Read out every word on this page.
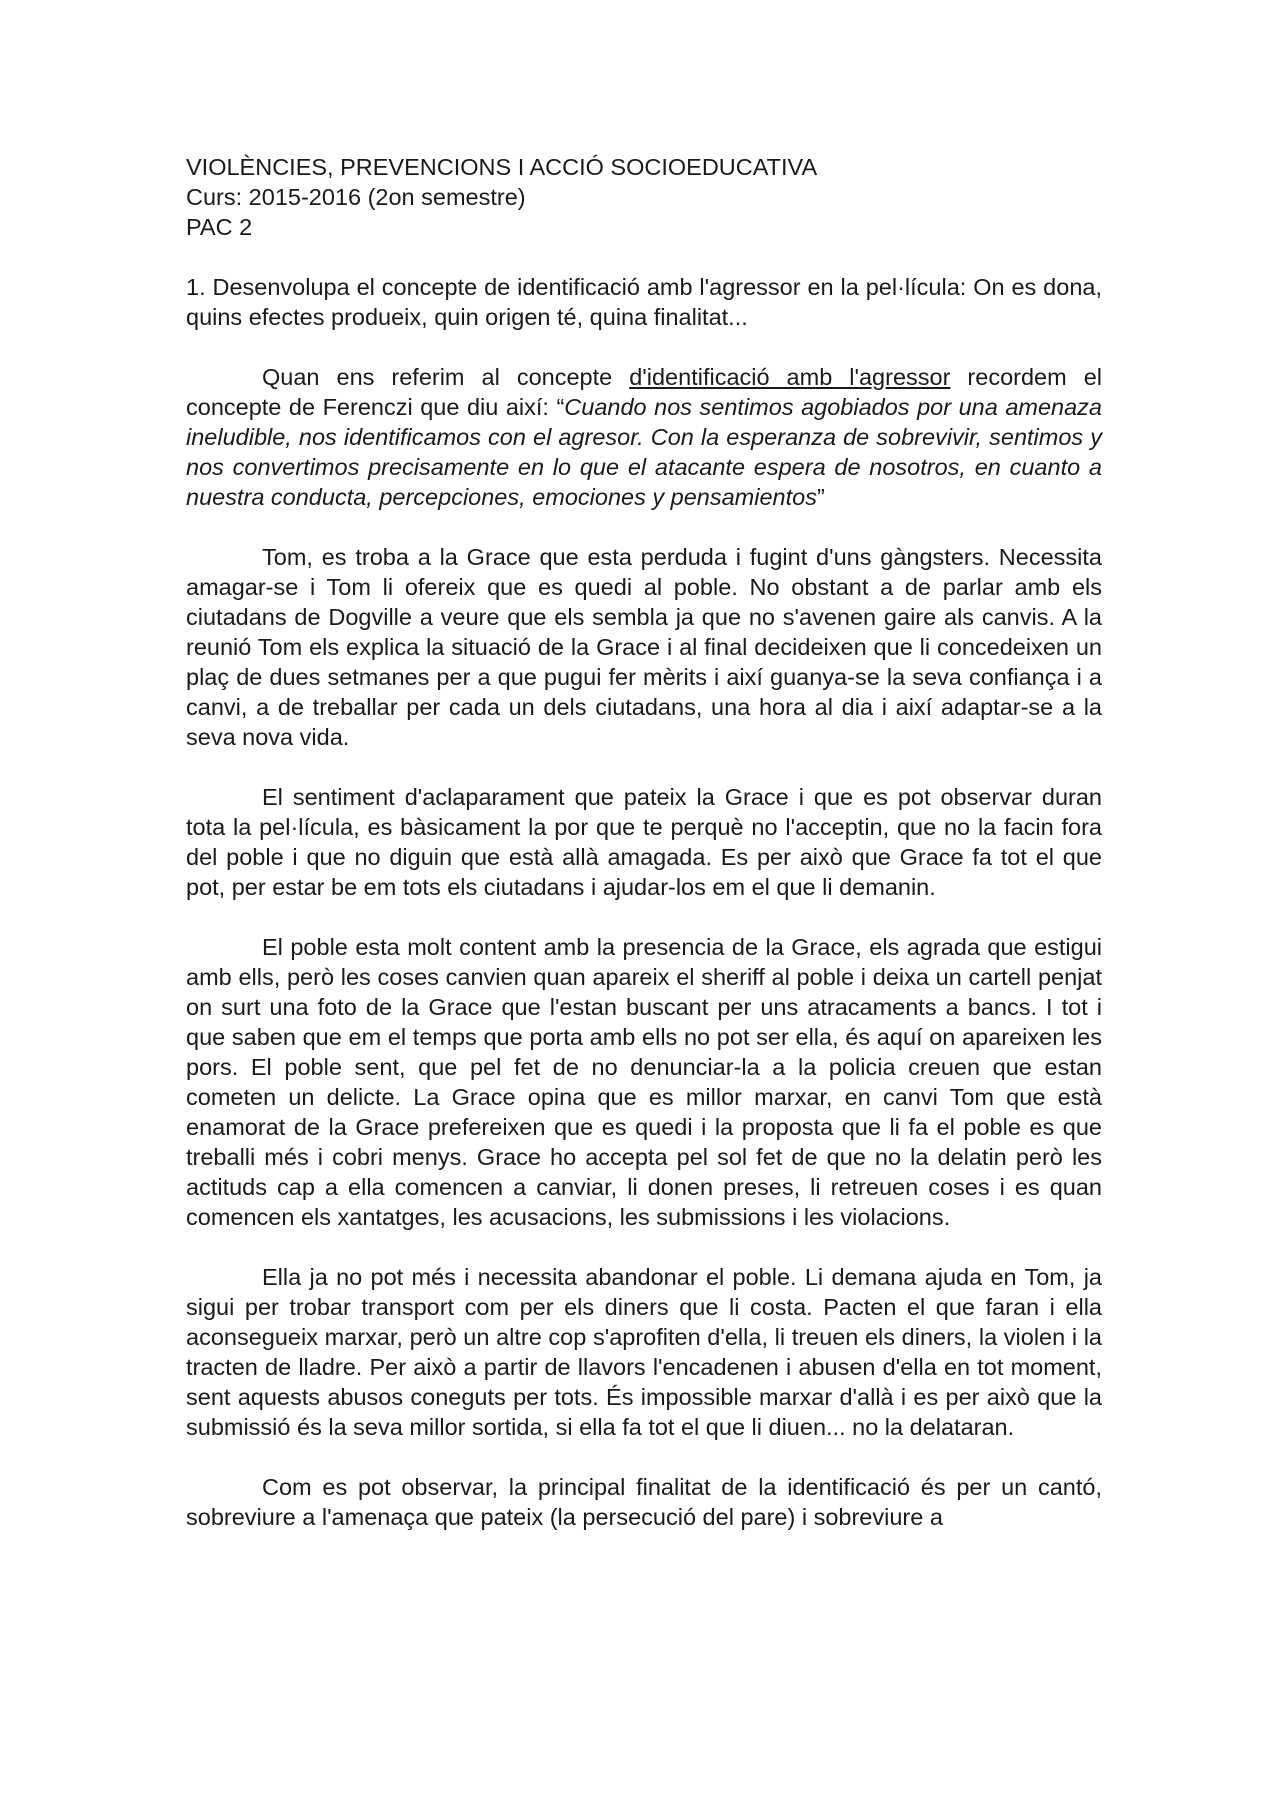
VIOLÈNCIES, PREVENCIONS I ACCIÓ SOCIOEDUCATIVA

Curs: 2015-2016 (2on semestre)

PAC 2

1. Desenvolupa el concepte de identificació amb l'agressor en la pel·lícula: On es dona, quins efectes produeix, quin origen té, quina finalitat...

Quan ens referim al concepte d'identificació amb l'agressor recordem el concepte de Ferenczi que diu així: “Cuando nos sentimos agobiados por una amenaza ineludible, nos identificamos con el agresor. Con la esperanza de sobrevivir, sentimos y nos convertimos precisamente en lo que el atacante espera de nosotros, en cuanto a nuestra conducta, percepciones, emociones y pensamientos”

Tom, es troba a la Grace que esta perduda i fugint d'uns gàngsters. Necessita amagar-se i Tom li ofereix que es quedi al poble. No obstant a de parlar amb els ciutadans de Dogville a veure que els sembla ja que no s'avenen gaire als canvis. A la reunió Tom els explica la situació de la Grace i al final decideixen que li concedeixen un plaç de dues setmanes per a que pugui fer mèrits i així guanya-se la seva confiança i a canvi, a de treballar per cada un dels ciutadans, una hora al dia i així adaptar-se a la seva nova vida.

El sentiment d'aclaparament que pateix la Grace i que es pot observar duran tota la pel·lícula, es bàsicament la por que te perquè no l'acceptin, que no la facin fora del poble i que no diguin que està allà amagada. Es per això que Grace fa tot el que pot, per estar be em tots els ciutadans i ajudar-los em el que li demanin.

El poble esta molt content amb la presencia de la Grace, els agrada que estigui amb ells, però les coses canvien quan apareix el sheriff al poble i deixa un cartell penjat on surt una foto de la Grace que l'estan buscant per uns atracaments a bancs. I tot i que saben que em el temps que porta amb ells no pot ser ella, és aquí on apareixen les pors. El poble sent, que pel fet de no denunciar-la a la policia creuen que estan cometen un delicte. La Grace opina que es millor marxar, en canvi Tom que està enamorat de la Grace prefereixen que es quedi i la proposta que li fa el poble es que treballi més i cobri menys. Grace ho accepta pel sol fet de que no la delatin però les actituds cap a ella comencen a canviar, li donen preses, li retreuen coses i es quan comencen els xantatges, les acusacions, les submissions i les violacions.

Ella ja no pot més i necessita abandonar el poble. Li demana ajuda en Tom, ja sigui per trobar transport com per els diners que li costa. Pacten el que faran i ella aconsegueix marxar, però un altre cop s'aprofiten d'ella, li treuen els diners, la violen i la tracten de lladre. Per això a partir de llavors l'encadenen i abusen d'ella en tot moment, sent aquests abusos coneguts per tots. És impossible marxar d'allà i es per això que la submissió és la seva millor sortida, si ella fa tot el que li diuen... no la delataran.

Com es pot observar, la principal finalitat de la identificació és per un cantó, sobreviure a l'amenaça que pateix (la persecució del pare) i sobreviure a
